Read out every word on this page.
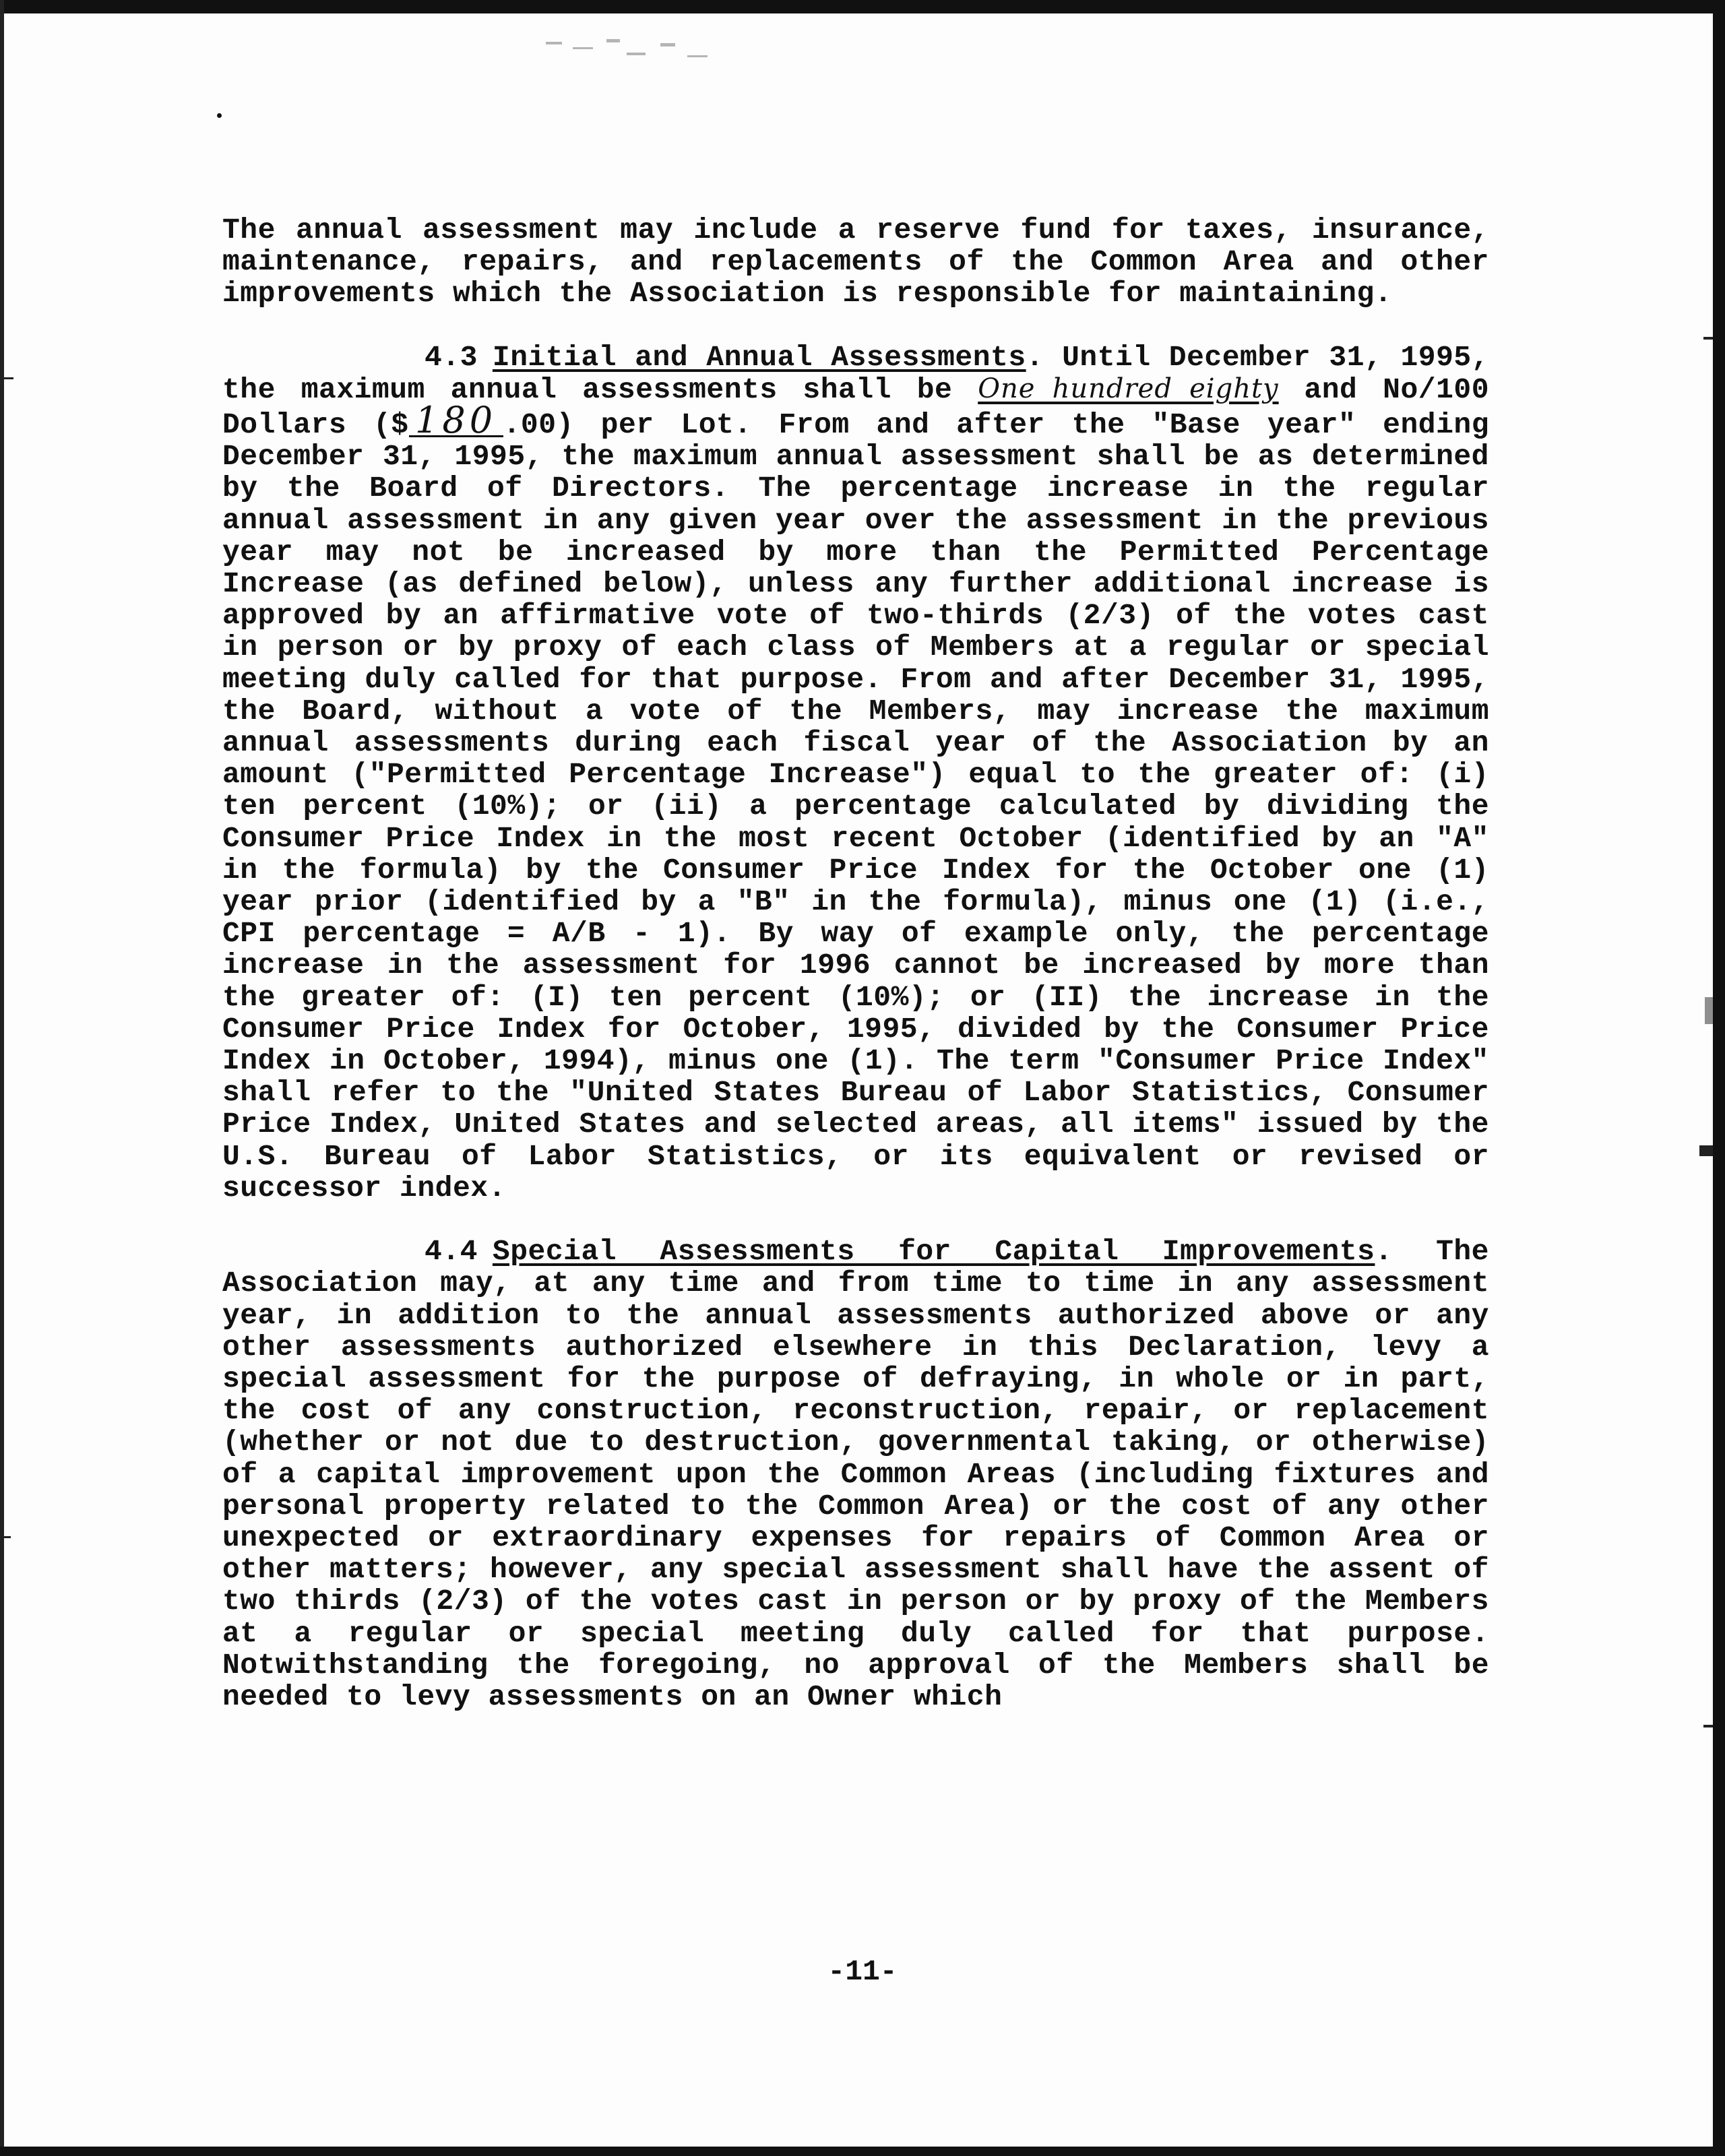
The annual assessment may include a reserve fund for taxes, insurance, maintenance, repairs, and replacements of the Common Area and other improvements which the Association is responsible for maintaining.

4.3 Initial and Annual Assessments. Until December 31, 1995, the maximum annual assessments shall be One hundred eighty and No/100 Dollars ($ 180 .00) per Lot. From and after the "Base year" ending December 31, 1995, the maximum annual assessment shall be as determined by the Board of Directors. The percentage increase in the regular annual assessment in any given year over the assessment in the previous year may not be increased by more than the Permitted Percentage Increase (as defined below), unless any further additional increase is approved by an affirmative vote of two-thirds (2/3) of the votes cast in person or by proxy of each class of Members at a regular or special meeting duly called for that purpose. From and after December 31, 1995, the Board, without a vote of the Members, may increase the maximum annual assessments during each fiscal year of the Association by an amount ("Permitted Percentage Increase") equal to the greater of: (i) ten percent (10%); or (ii) a percentage calculated by dividing the Consumer Price Index in the most recent October (identified by an "A" in the formula) by the Consumer Price Index for the October one (1) year prior (identified by a "B" in the formula), minus one (1) (i.e., CPI percentage = A/B - 1). By way of example only, the percentage increase in the assessment for 1996 cannot be increased by more than the greater of: (I) ten percent (10%); or (II) the increase in the Consumer Price Index for October, 1995, divided by the Consumer Price Index in October, 1994), minus one (1). The term "Consumer Price Index" shall refer to the "United States Bureau of Labor Statistics, Consumer Price Index, United States and selected areas, all items" issued by the U.S. Bureau of Labor Statistics, or its equivalent or revised or successor index.

4.4 Special Assessments for Capital Improvements. The Association may, at any time and from time to time in any assessment year, in addition to the annual assessments authorized above or any other assessments authorized elsewhere in this Declaration, levy a special assessment for the purpose of defraying, in whole or in part, the cost of any construction, reconstruction, repair, or replacement (whether or not due to destruction, governmental taking, or otherwise) of a capital improvement upon the Common Areas (including fixtures and personal property related to the Common Area) or the cost of any other unexpected or extraordinary expenses for repairs of Common Area or other matters; however, any special assessment shall have the assent of two thirds (2/3) of the votes cast in person or by proxy of the Members at a regular or special meeting duly called for that purpose. Notwithstanding the foregoing, no approval of the Members shall be needed to levy assessments on an Owner which

-11-
